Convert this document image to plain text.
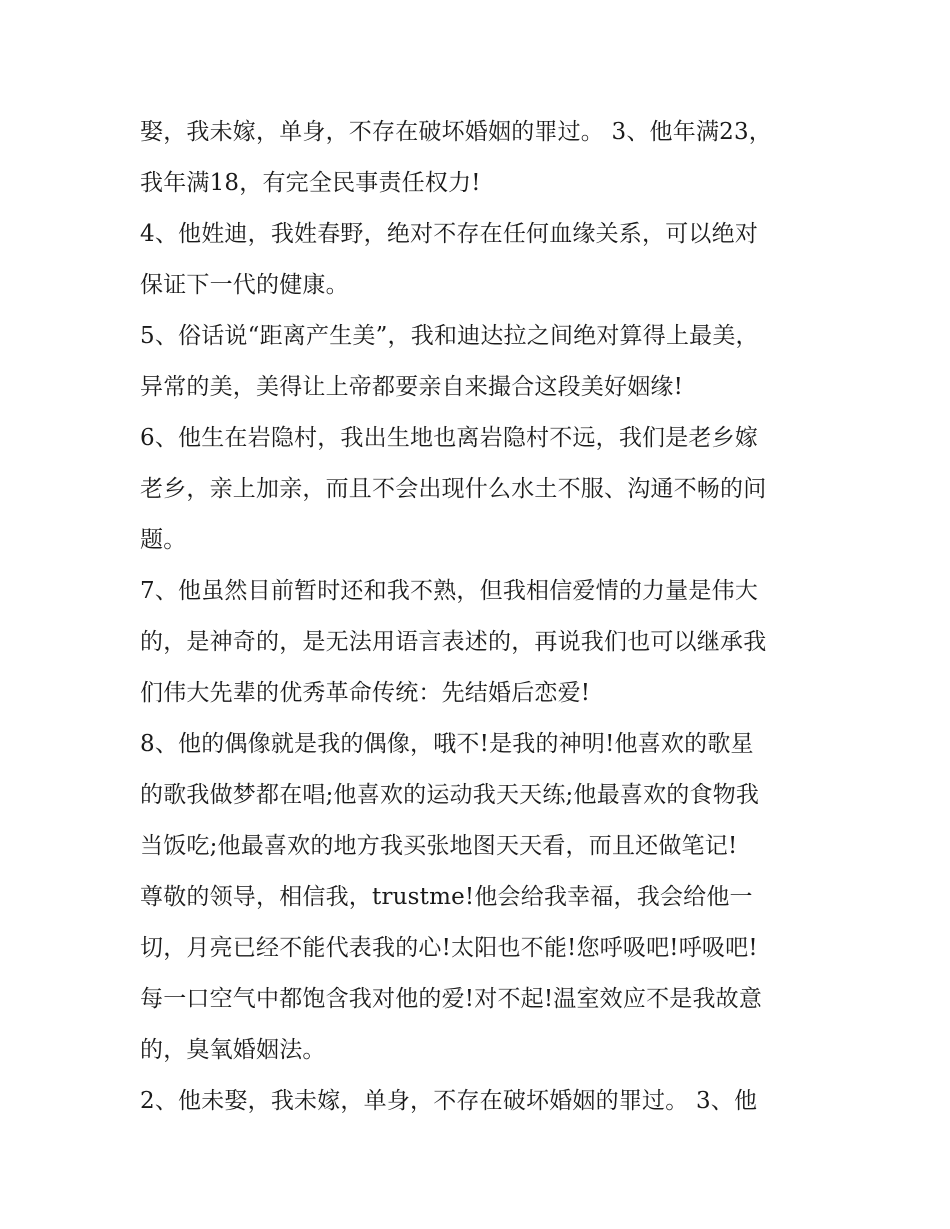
娶，我未嫁，单身，不存在破坏婚姻的罪过。 3、他年满23，
我年满18，有完全民事责任权力!
4、他姓迪，我姓春野，绝对不存在任何血缘关系，可以绝对
保证下一代的健康。
5、俗话说“距离产生美”，我和迪达拉之间绝对算得上最美，
异常的美，美得让上帝都要亲自来撮合这段美好姻缘!
6、他生在岩隐村，我出生地也离岩隐村不远，我们是老乡嫁
老乡，亲上加亲，而且不会出现什么水土不服、沟通不畅的问
题。
7、他虽然目前暂时还和我不熟，但我相信爱情的力量是伟大
的，是神奇的，是无法用语言表述的，再说我们也可以继承我
们伟大先辈的优秀革命传统：先结婚后恋爱!
8、他的偶像就是我的偶像，哦不!是我的神明!他喜欢的歌星
的歌我做梦都在唱;他喜欢的运动我天天练;他最喜欢的食物我
当饭吃;他最喜欢的地方我买张地图天天看，而且还做笔记!
尊敬的领导，相信我，trustme!他会给我幸福，我会给他一
切，月亮已经不能代表我的心!太阳也不能!您呼吸吧!呼吸吧!
每一口空气中都饱含我对他的爱!对不起!温室效应不是我故意
的，臭氧婚姻法。
2、他未娶，我未嫁，单身，不存在破坏婚姻的罪过。 3、他
